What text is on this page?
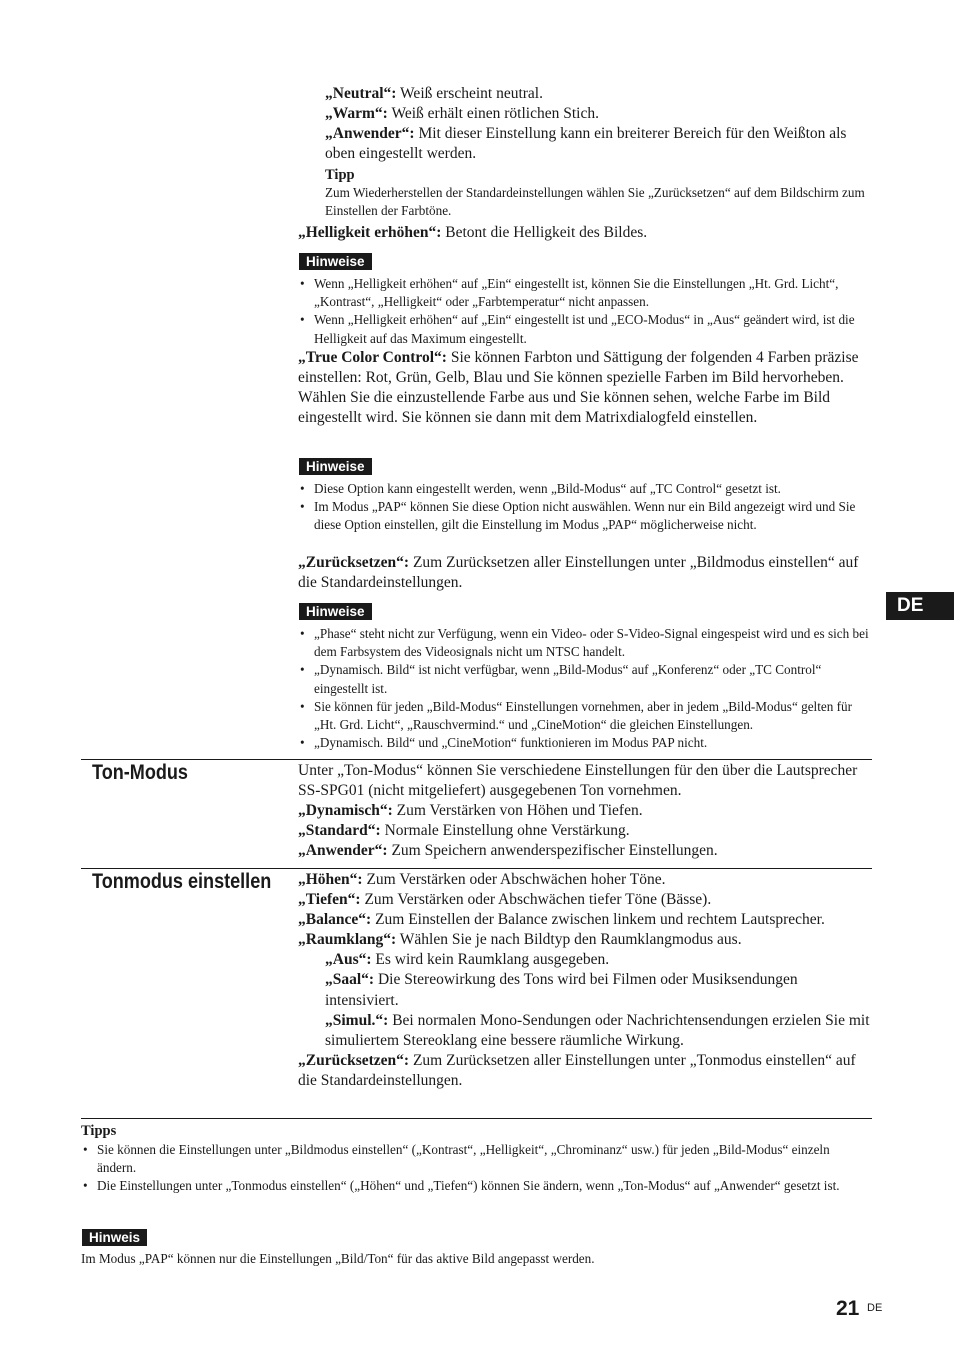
„Neutral“: Weiß erscheint neutral.
„Warm“: Weiß erhält einen rötlichen Stich.
„Anwender“: Mit dieser Einstellung kann ein breiterer Bereich für den Weißton als oben eingestellt werden.
Tipp
Zum Wiederherstellen der Standardeinstellungen wählen Sie „Zurücksetzen“ auf dem Bildschirm zum Einstellen der Farbtöne.
„Helligkeit erhöhen“: Betont die Helligkeit des Bildes.
Hinweise
• Wenn „Helligkeit erhöhen“ auf „Ein“ eingestellt ist, können Sie die Einstellungen „Ht. Grd. Licht“, „Kontrast“, „Helligkeit“ oder „Farbtemperatur“ nicht anpassen.
• Wenn „Helligkeit erhöhen“ auf „Ein“ eingestellt ist und „ECO-Modus“ in „Aus“ geändert wird, ist die Helligkeit auf das Maximum eingestellt.
„True Color Control“: Sie können Farbton und Sättigung der folgenden 4 Farben präzise einstellen: Rot, Grün, Gelb, Blau und Sie können spezielle Farben im Bild hervorheben.
Wählen Sie die einzustellende Farbe aus und Sie können sehen, welche Farbe im Bild eingestellt wird. Sie können sie dann mit dem Matrixdialogfeld einstellen.
Hinweise
• Diese Option kann eingestellt werden, wenn „Bild-Modus“ auf „TC Control“ gesetzt ist.
• Im Modus „PAP“ können Sie diese Option nicht auswählen. Wenn nur ein Bild angezeigt wird und Sie diese Option einstellen, gilt die Einstellung im Modus „PAP“ möglicherweise nicht.
„Zurücksetzen“: Zum Zurücksetzen aller Einstellungen unter „Bildmodus einstellen“ auf die Standardeinstellungen.
Hinweise
• „Phase“ steht nicht zur Verfügung, wenn ein Video- oder S-Video-Signal eingespeist wird und es sich bei dem Farbsystem des Videosignals nicht um NTSC handelt.
• „Dynamisch. Bild“ ist nicht verfügbar, wenn „Bild-Modus“ auf „Konferenz“ oder „TC Control“ eingestellt ist.
• Sie können für jeden „Bild-Modus“ Einstellungen vornehmen, aber in jedem „Bild-Modus“ gelten für „Ht. Grd. Licht“, „Rauschvermind.“ und „CineMotion“ die gleichen Einstellungen.
• „Dynamisch. Bild“ und „CineMotion“ funktionieren im Modus PAP nicht.
DE
Ton-Modus	Unter „Ton-Modus“ können Sie verschiedene Einstellungen für den über die Lautsprecher SS-SPG01 (nicht mitgeliefert) ausgegebenen Ton vornehmen.
„Dynamisch“: Zum Verstärken von Höhen und Tiefen.
„Standard“: Normale Einstellung ohne Verstärkung.
„Anwender“: Zum Speichern anwenderspezifischer Einstellungen.
Tonmodus einstellen „Höhen“: Zum Verstärken oder Abschwächen hoher Töne.
„Tiefen“: Zum Verstärken oder Abschwächen tiefer Töne (Bässe).
„Balance“: Zum Einstellen der Balance zwischen linkem und rechtem Lautsprecher.
„Raumklang“: Wählen Sie je nach Bildtyp den Raumklangmodus aus.
„Aus“: Es wird kein Raumklang ausgegeben.
„Saal“: Die Stereowirkung des Tons wird bei Filmen oder Musiksendungen intensiviert.
„Simul.“: Bei normalen Mono-Sendungen oder Nachrichtensendungen erzielen Sie mit simuliertem Stereoklang eine bessere räumliche Wirkung.
„Zurücksetzen“: Zum Zurücksetzen aller Einstellungen unter „Tonmodus einstellen“ auf die Standardeinstellungen.
Tipps
• Sie können die Einstellungen unter „Bildmodus einstellen“ („Kontrast“, „Helligkeit“, „Chrominanz“ usw.) für jeden „Bild-Modus“ einzeln ändern.
• Die Einstellungen unter „Tonmodus einstellen“ („Höhen“ und „Tiefen“) können Sie ändern, wenn „Ton-Modus“ auf „Anwender“ gesetzt ist.
Hinweis
Im Modus „PAP“ können nur die Einstellungen „Bild/Ton“ für das aktive Bild angepasst werden.
21 DE
